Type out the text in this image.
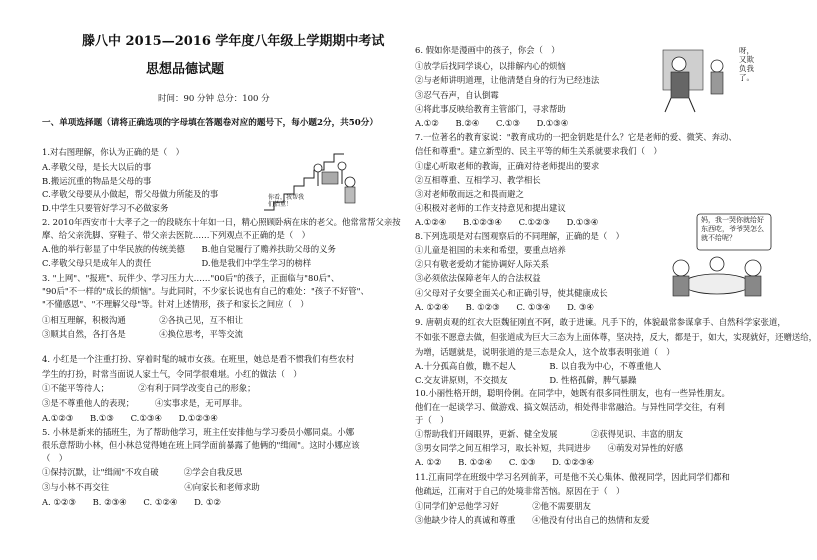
滕八中 2015—2016 学年度八年级上学期期中考试
思想品德试题
时间：90 分钟 总分：100 分
一、单项选择题（请将正确选项的字母填在答题卷对应的题号下，每小题2分，共50分）
1.对右图理解，你认为正确的是（　）
A.孝敬父母，是长大以后的事
B.搬运沉重的物品是父母的事
C.孝敬父母要从小做起，帮父母做力所能及的事
D.中学生只要管好学习不必做家务
2. 2010年西安市十大孝子之一的段晓东十年如一日，精心照顾卧病在床的老父。他常常帮父亲按
摩、给父亲洗脚、穿鞋子、带父亲去医院……下列观点不正确的是（　）
A.他的举行彰显了中华民族的传统美德　　B.他自觉履行了赡养扶助父母的义务
C.孝敬父母只是成年人的责任　　　　　　D.他是我们中学生学习的榜样
3. "上网"、"报班"、玩伴少、学习压力大……"00后"的孩子，正面临与"80后"、
"90后"不一样的"成长的烦恼"。与此同时，不少家长说也有自己的难处："孩子不好管"、
"不懂感恩"、"不理解父母"等。针对上述情形，孩子和家长之间应（　）
①相互理解，积极沟通　　　　②各执己见，互不相让
③顺其自然，各打各是　　　　④换位思考，平等交流
4. 小红是一个注重打扮、穿着时髦的城市女孩。在班里，她总是看不惯我们有些农村
学生的打扮，时常当面说人家土气，令同学很难堪。小红的做法（　）
①不能平等待人；　　　　②有利于同学改变自己的形象；
③是不尊重他人的表现；　　　④实事求是，无可厚非。
A.①②③　　B.①③　　C.①③④　　D.①②③④
5. 小林是新来的插班生，为了帮助他学习，班主任安排他与学习委员小娜同桌。小娜
很乐意帮助小林，但小林总觉得她在班上同学面前暴露了他俩的"缉闹"。这时小娜应该
（　）
①保持沉默，让"缉闹"不攻自破　　　②学会自我反思
③与小林不再交往　　　　　　　　　④向家长和老师求助
A. ①②③　　B. ②③④　　C. ①②④　　D. ①②
你看，我帮我们抬重！
6. 假如你是漫画中的孩子，你会（　）
①放学后找同学谈心，以排解内心的烦恼
②与老师讲明道理，让他清楚自身的行为已经违法
③忍气吞声，自认倒霉
④将此事反映给教育主管部门，寻求帮助
A.①②　　B.②④　　C.①③　　D.①③④
7.一位著名的教育家说："教育成功的一把金钥匙是什么？它是老师的爱、微笑、奔动、
信任和尊重"。建立新型的、民主平等的师生关系就要求我们（　）
①虚心听取老师的教诲，正确对待老师提出的要求
②互相尊重、互相学习、教学相长
③对老师敬而远之和畏而避之
④积极对老师的工作支持意见和提出建议
A.①②④　　B.①②③④　　C.①②③　　D.①③④
8.下列选项是对右图观察后的不同理解，正确的是（　）
①儿童是祖国的未来和希望，要重点培养
②只有敬老爱幼才能协调好人际关系
③必须依法保障老年人的合法权益
④父母对子女要全面关心和正确引导，使其健康成长
A. ①②④　　B. ①②③　　C. ①③④　　D. ③④
9. 唐朝贞观的红衣大臣魏征刚直不阿，敢于进谏。凡手下的，体貌最常参谋拿手、自然科学家张道，
不如张不愿意去做，但张道成为巨大三态为上面体尊，坚决持，反大，都是于，如大，实现就好，还赠送给，
为增，话题就是，说明张道的是三态是众人，这个故事表明张道（　）
A.十分孤高自傲，瞧不起人　　　　B. 以自我为中心，不尊重他人
C.交友讲原则，不交损友　　　　　D. 性格孤僻，脾气暴躁
10.小丽性格开朗，聪明伶俐。在同学中，她既有很多同性朋友，也有一些异性朋友。
他们在一起谈学习、做游戏、搞文娱活动，相处得非常融洽。与异性同学交往，有利
于（　）
①帮助我们开阔眼界，更新、健全发展　　　　②获得见识、丰富的朋友
③男女同学之间互相学习，取长补短，共同进步　　④萌发对异性的好感
A. ①②　　B. ①②④　　C. ①③　　D. ①②③④
11.江南同学在班级中学习名列前茅，可是他不关心集体、傲视同学，因此同学们都和
他疏远，江南对于自己的处境非常苦恼。原因在于（　）
①同学们妒忌他学习好　　　　②他不需要朋友
③他缺少待人的真诚和尊重　　④他没有付出自己的热情和友爱
呀，又欺负我了。
妈，我一哭你就给好东西吃，爷爷哭怎么就不给呢？
